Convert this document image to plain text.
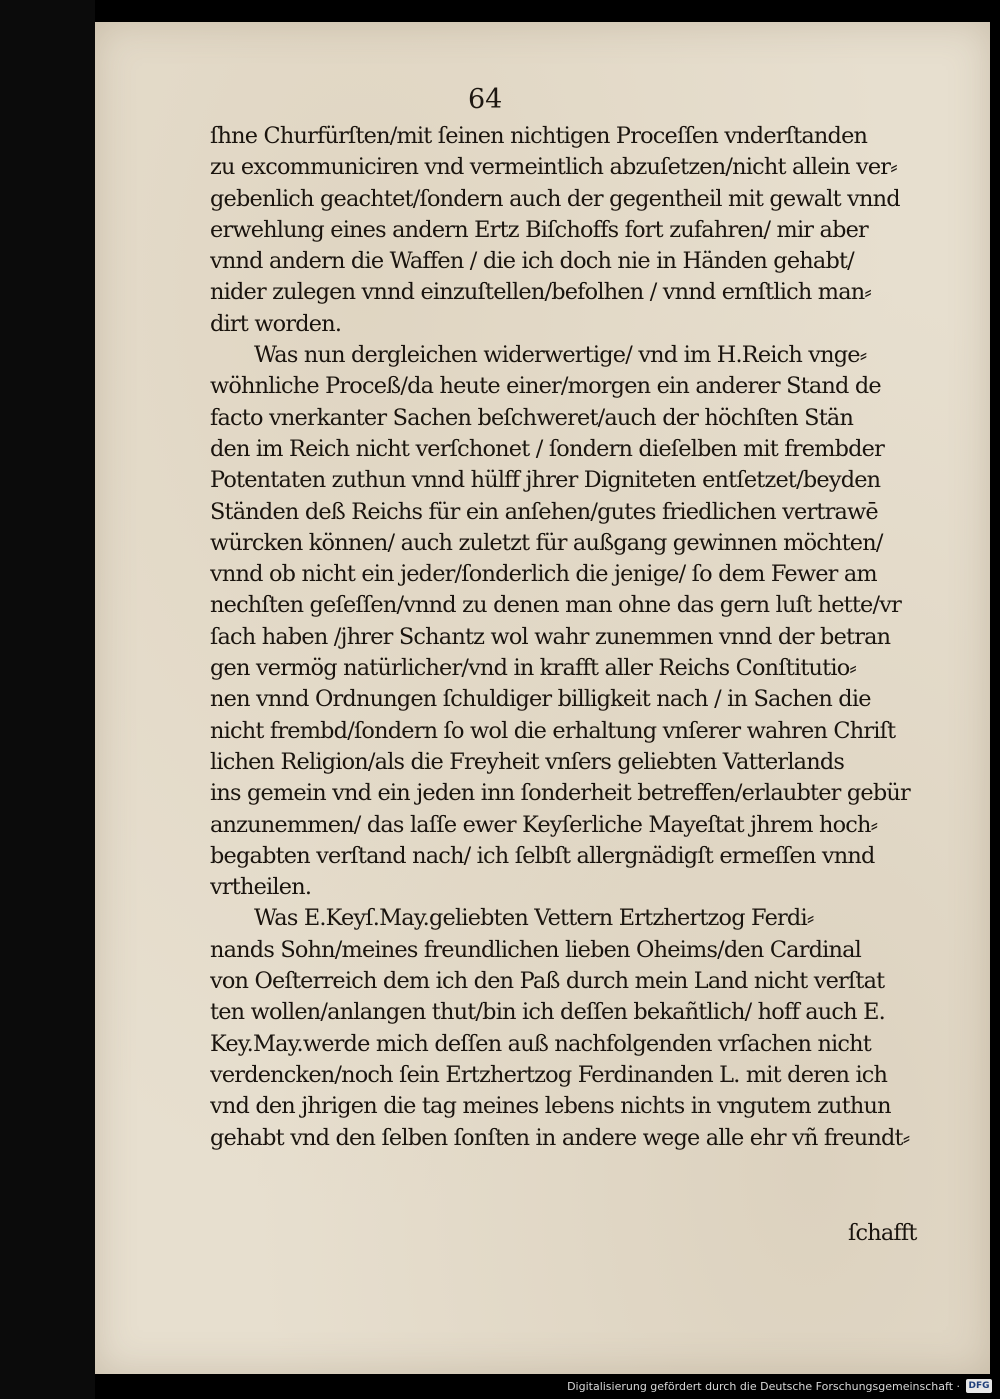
64
ſhne Churfürſten/mit ſeinen nichtigen Proceſſen vnderſtanden
zu excommuniciren vnd vermeintlich abzuſetzen/nicht allein ver⸗
gebenlich geachtet/ſondern auch der gegentheil mit gewalt vnnd
erwehlung eines andern Ertz Biſchoffs fort zufahren/ mir aber
vnnd andern die Waffen / die ich doch nie in Händen gehabt/
nider zulegen vnnd einzuſtellen/befolhen / vnnd ernſtlich man⸗
dirt worden.
Was nun dergleichen widerwertige/ vnd im H.Reich vnge⸗
wöhnliche Proceß/da heute einer/morgen ein anderer Stand de
facto vnerkanter Sachen beſchweret/auch der höchſten Stän
den im Reich nicht verſchonet / ſondern dieſelben mit frembder
Potentaten zuthun vnnd hülff jhrer Digniteten entſetzet/beyden
Ständen deß Reichs für ein anſehen/gutes friedlichen vertrawē
würcken können/ auch zuletzt für außgang gewinnen möchten/
vnnd ob nicht ein jeder/ſonderlich die jenige/ ſo dem Fewer am
nechſten geſeſſen/vnnd zu denen man ohne das gern luſt hette/vr
ſach haben /jhrer Schantz wol wahr zunemmen vnnd der betran
gen vermög natürlicher/vnd in krafft aller Reichs Conſtitutio⸗
nen vnnd Ordnungen ſchuldiger billigkeit nach / in Sachen die
nicht frembd/ſondern ſo wol die erhaltung vnſerer wahren Chriſt
lichen Religion/als die Freyheit vnſers geliebten Vatterlands
ins gemein vnd ein jeden inn ſonderheit betreffen/erlaubter gebür
anzunemmen/ das laſſe ewer Keyſerliche Mayeſtat jhrem hoch⸗
begabten verſtand nach/ ich ſelbſt allergnädigſt ermeſſen vnnd
vrtheilen.
Was E.Keyſ.May.geliebten Vettern Ertzhertzog Ferdi⸗
nands Sohn/meines freundlichen lieben Oheims/den Cardinal
von Oeſterreich dem ich den Paß durch mein Land nicht verſtat
ten wollen/anlangen thut/bin ich deſſen bekañtlich/ hoff auch E.
Key.May.werde mich deſſen auß nachfolgenden vrſachen nicht
verdencken/noch ſein Ertzhertzog Ferdinanden L. mit deren ich
vnd den jhrigen die tag meines lebens nichts in vngutem zuthun
gehabt vnd den ſelben ſonſten in andere wege alle ehr vñ freundt⸗
ſchafft
Digitalisierung gefördert durch die Deutsche Forschungsgemeinschaft · DFG
